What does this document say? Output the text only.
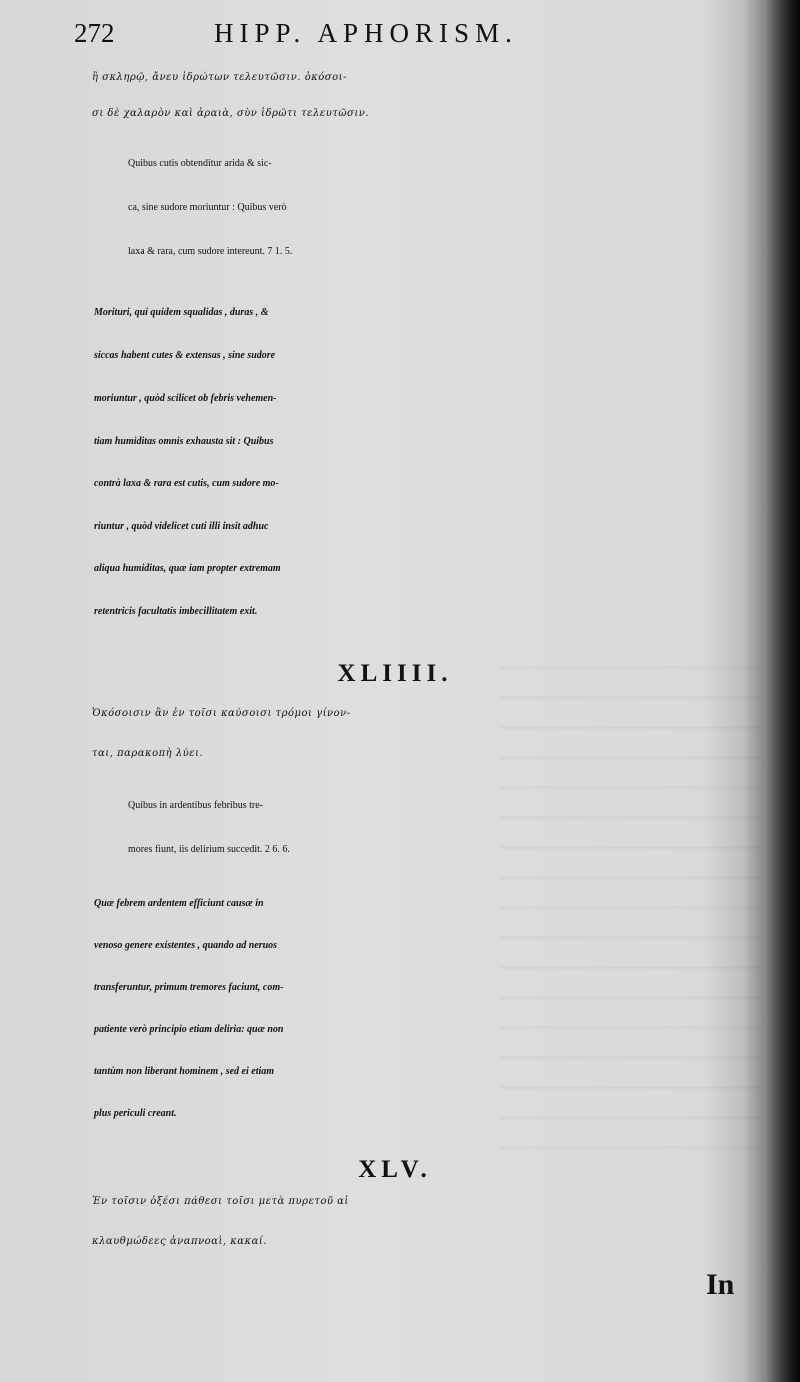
272	HIPP. APHORISM.
ἢ σκληρῷ, ἄνευ ἱδρώτων τελευτῶσιν. ὁκόσοι-
σι δὲ χαλαρὸν καὶ ἀραιὰ, σὺν ἱδρῶτι τελευτῶσιν.
Quibus cutis obtenditur arida & sic-
ca, sine sudore moriuntur : Quibus verò
laxa & rara, cum sudore intereunt. 7 1. 5.
Morituri, qui quidem squalidas , duras , &
siccas habent cutes & extensas , sine sudore
moriuntur , quòd scilicet ob febris vehemen-
tiam humiditas omnis exhausta sit : Quibus
contrà laxa & rara est cutis, cum sudore mo-
riuntur , quòd videlicet cuti illi insit adhuc
aliqua humiditas, quæ iam propter extremam
retentricis facultatis imbecillitatem exit.
XLIIII.
Ὁκόσοισιν ἂν ἐν τοῖσι καύσοισι τρόμοι γίνον-
ται, παρακοπὴ λύει.
Quibus in ardentibus febribus tre-
mores fiunt, iis delirium succedit. 2 6. 6.
Quæ febrem ardentem efficiunt causæ in
venoso genere existentes , quando ad neruos
transferuntur, primum tremores faciunt, com-
patiente verò principio etiam deliria: quæ non
tantùm non liberant hominem , sed ei etiam
plus periculi creant.
XLV.
Ἐν τοῖσιν ὀξέσι πάθεσι τοῖσι μετὰ πυρετοῦ αἱ
κλαυθμώδεες ἀναπνοαὶ, κακαί.
In
